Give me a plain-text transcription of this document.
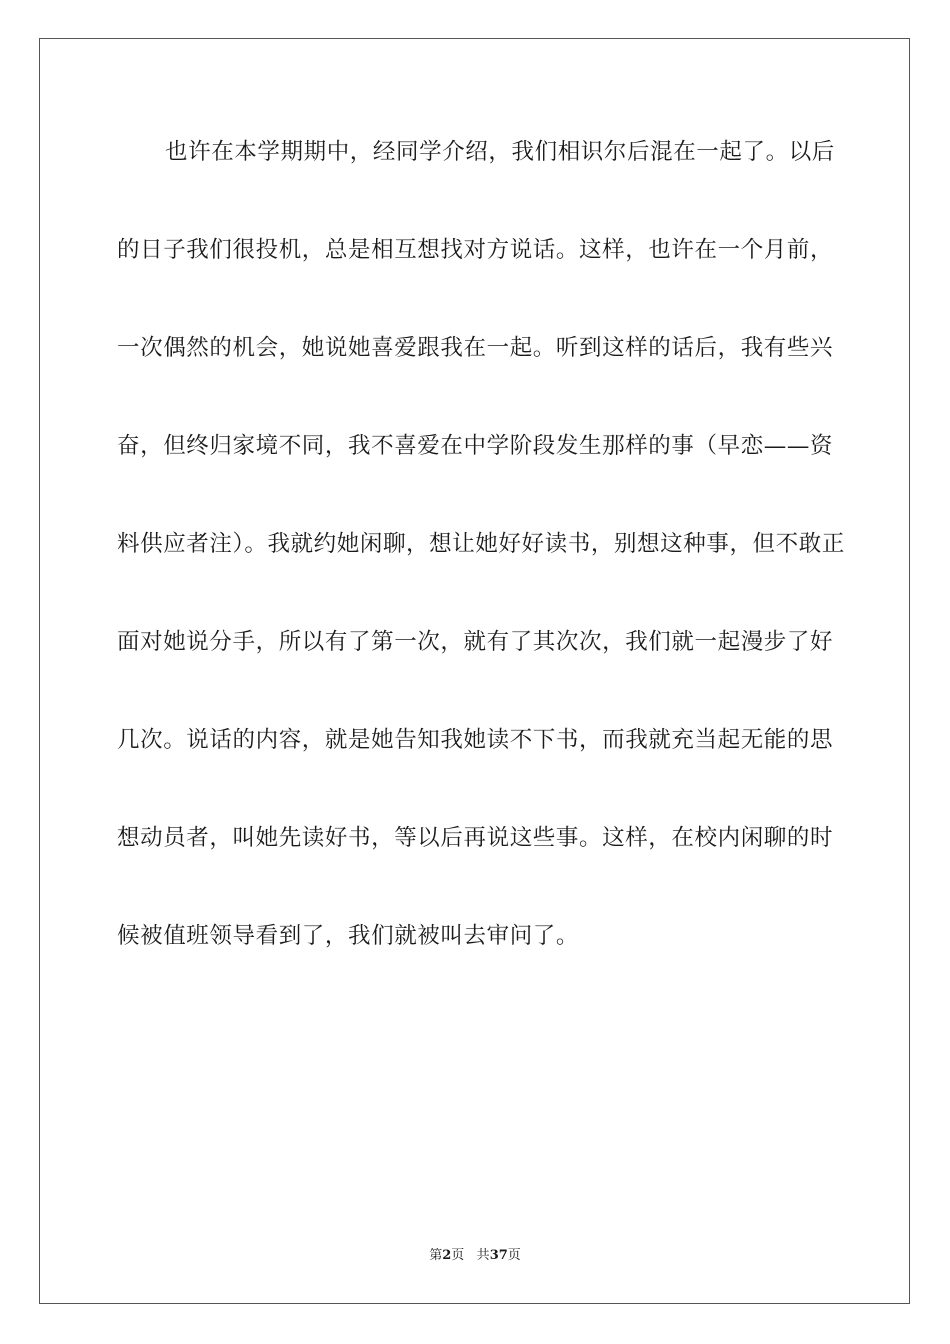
也许在本学期期中，经同学介绍，我们相识尔后混在一起了。以后
的日子我们很投机，总是相互想找对方说话。这样，也许在一个月前，
一次偶然的机会，她说她喜爱跟我在一起。听到这样的话后，我有些兴
奋，但终归家境不同，我不喜爱在中学阶段发生那样的事（早恋——资
料供应者注）。我就约她闲聊，想让她好好读书，别想这种事，但不敢正
面对她说分手，所以有了第一次，就有了其次次，我们就一起漫步了好
几次。说话的内容，就是她告知我她读不下书，而我就充当起无能的思
想动员者，叫她先读好书，等以后再说这些事。这样，在校内闲聊的时
候被值班领导看到了，我们就被叫去审问了。
第2页 共37页
